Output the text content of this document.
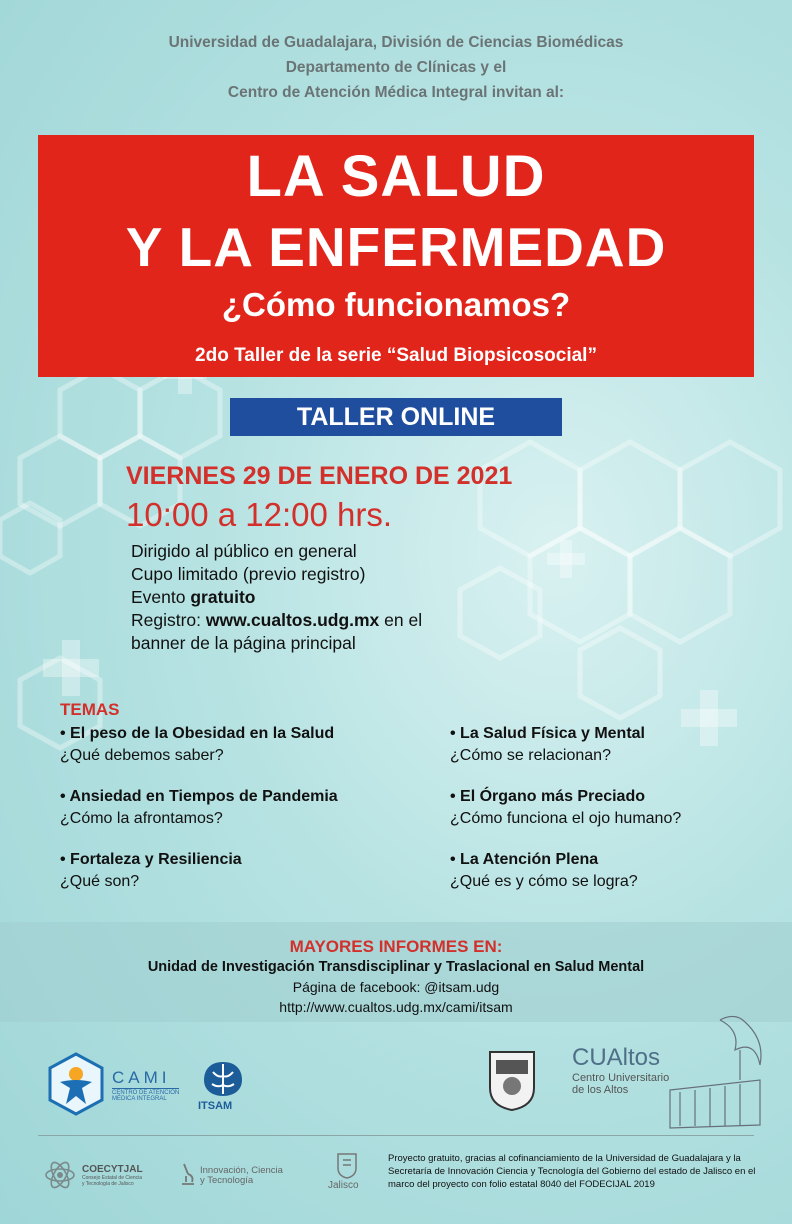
Universidad de Guadalajara, División de Ciencias Biomédicas
Departamento de Clínicas y el
Centro de Atención Médica Integral invitan al:
LA SALUD
Y LA ENFERMEDAD
¿Cómo funcionamos?
2do Taller de la serie “Salud Biopsicosocial”
TALLER ONLINE
VIERNES 29 DE ENERO DE 2021
10:00 a 12:00 hrs.
Dirigido al público en general
Cupo limitado (previo registro)
Evento gratuito
Registro: www.cualtos.udg.mx en el
banner de la página principal
TEMAS
• El peso de la Obesidad en la Salud
¿Qué debemos saber?
• La Salud Física y Mental
¿Cómo se relacionan?
• Ansiedad en Tiempos de Pandemia
¿Cómo la afrontamos?
• El Órgano más Preciado
¿Cómo funciona el ojo humano?
• Fortaleza y Resiliencia
¿Qué son?
• La Atención Plena
¿Qué es y cómo se logra?
MAYORES INFORMES EN:
Unidad de Investigación Transdisciplinar y Traslacional en Salud Mental
Página de facebook: @itsam.udg
http://www.cualtos.udg.mx/cami/itsam
CAMI
CENTRO DE ATENCIÓN
MÉDICA INTEGRAL
ITSAM
CUAltos
Centro Universitario
de los Altos
COECYTJAL
Consejo Estatal de Ciencia
y Tecnología de Jalisco
Innovación, Ciencia
y Tecnología	Jalisco
Proyecto gratuito, gracias al cofinanciamiento de la Universidad de Guadalajara y la Secretaría de Innovación Ciencia y Tecnología del Gobierno del estado de Jalisco en el marco del proyecto con folio estatal 8040 del FODECIJAL 2019
